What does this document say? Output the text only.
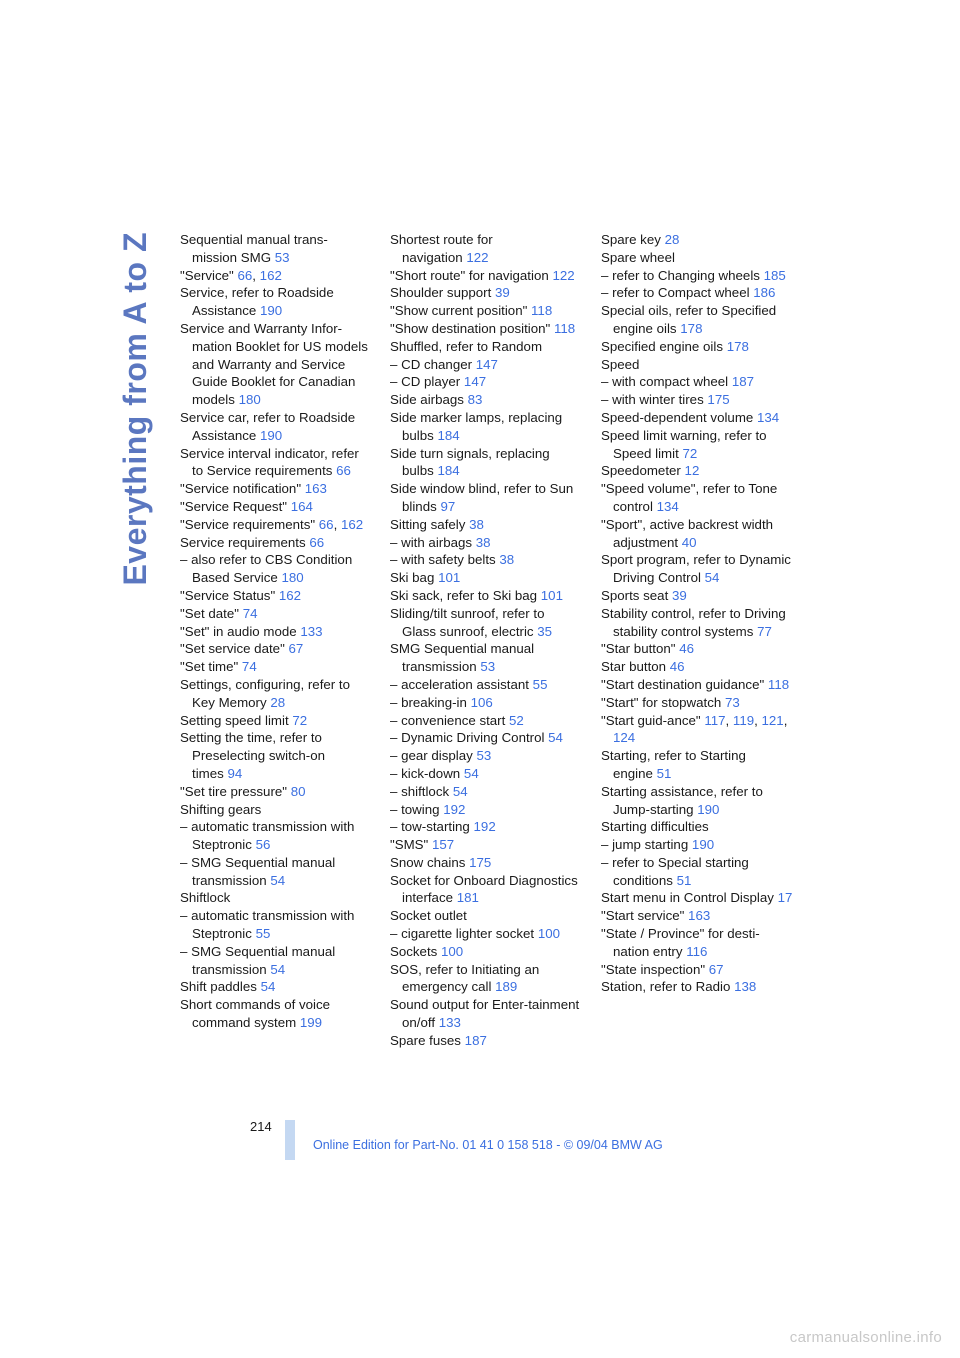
Everything from A to Z Sequential manual trans-mission SMG 53

"Service" 66, 162

Service, refer to Roadside Assistance 190

Service and Warranty Infor-mation Booklet for US models and Warranty and Service Guide Booklet for Canadian models 180

Service car, refer to Roadside Assistance 190

Service interval indicator, refer to Service requirements 66

"Service notification" 163

"Service Request" 164

"Service requirements" 66, 162

Service requirements 66

– also refer to CBS Condition Based Service 180

"Service Status" 162

"Set date" 74

"Set" in audio mode 133

"Set service date" 67

"Set time" 74

Settings, configuring, refer to Key Memory 28

Setting speed limit 72

Setting the time, refer to Preselecting switch-on times 94

"Set tire pressure" 80

Shifting gears

– automatic transmission with Steptronic 56

– SMG Sequential manual transmission 54

Shiftlock

– automatic transmission with Steptronic 55

– SMG Sequential manual transmission 54

Shift paddles 54

Short commands of voice command system 199

Shortest route for navigation 122

"Short route" for navigation 122

Shoulder support 39

"Show current position" 118

"Show destination position" 118

Shuffled, refer to Random

– CD changer 147

– CD player 147

Side airbags 83

Side marker lamps, replacing bulbs 184

Side turn signals, replacing bulbs 184

Side window blind, refer to Sun blinds 97

Sitting safely 38

– with airbags 38

– with safety belts 38

Ski bag 101

Ski sack, refer to Ski bag 101

Sliding/tilt sunroof, refer to Glass sunroof, electric 35

SMG Sequential manual transmission 53

– acceleration assistant 55

– breaking-in 106

– convenience start 52

– Dynamic Driving Control 54

– gear display 53

– kick-down 54

– shiftlock 54

– towing 192

– tow-starting 192

"SMS" 157

Snow chains 175

Socket for Onboard Diagnostics interface 181

Socket outlet

– cigarette lighter socket 100

Sockets 100

SOS, refer to Initiating an emergency call 189

Sound output for Enter-tainment on/off 133

Spare fuses 187

Spare key 28

Spare wheel

– refer to Changing wheels 185

– refer to Compact wheel 186

Special oils, refer to Specified engine oils 178

Specified engine oils 178

Speed

– with compact wheel 187

– with winter tires 175

Speed-dependent volume 134

Speed limit warning, refer to Speed limit 72

Speedometer 12

"Speed volume", refer to Tone control 134

"Sport", active backrest width adjustment 40

Sport program, refer to Dynamic Driving Control 54

Sports seat 39

Stability control, refer to Driving stability control systems 77

"Star button" 46

Star button 46

"Start destination guidance" 118

"Start" for stopwatch 73

"Start guid-ance" 117, 119, 121, 124

Starting, refer to Starting engine 51

Starting assistance, refer to Jump-starting 190

Starting difficulties

– jump starting 190

– refer to Special starting conditions 51

Start menu in Control Display 17

"Start service" 163

"State / Province" for desti-nation entry 116

"State inspection" 67

Station, refer to Radio 138

214
Online Edition for Part-No. 01 41 0 158 518 - © 09/04 BMW AG
carmanualsonline.info
